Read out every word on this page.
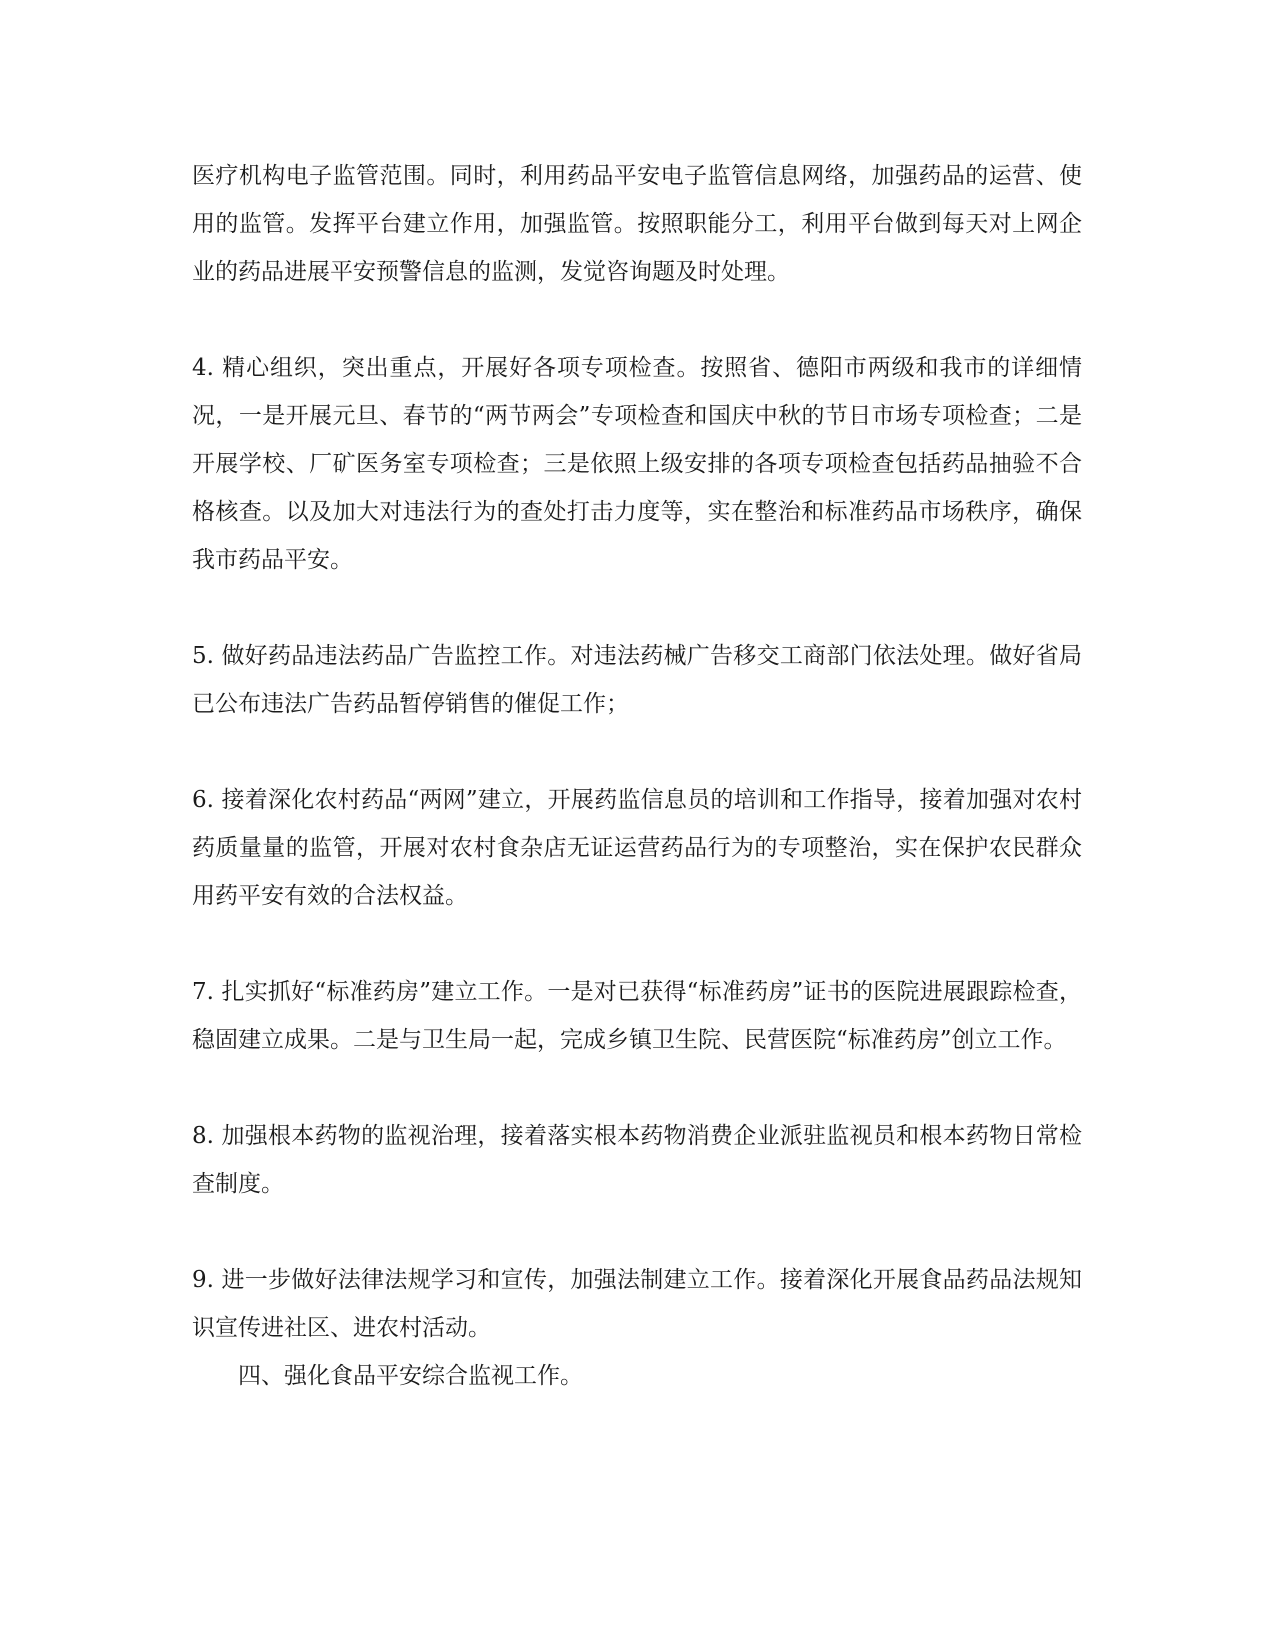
医疗机构电子监管范围。同时，利用药品平安电子监管信息网络，加强药品的运营、使用的监管。发挥平台建立作用，加强监管。按照职能分工，利用平台做到每天对上网企业的药品进展平安预警信息的监测，发觉咨询题及时处理。

4. 精心组织，突出重点，开展好各项专项检查。按照省、德阳市两级和我市的详细情况，一是开展元旦、春节的“两节两会”专项检查和国庆中秋的节日市场专项检查；二是开展学校、厂矿医务室专项检查；三是依照上级安排的各项专项检查包括药品抽验不合格核查。以及加大对违法行为的查处打击力度等，实在整治和标准药品市场秩序，确保我市药品平安。

5. 做好药品违法药品广告监控工作。对违法药械广告移交工商部门依法处理。做好省局已公布违法广告药品暂停销售的催促工作；

6. 接着深化农村药品“两网”建立，开展药监信息员的培训和工作指导，接着加强对农村药质量量的监管，开展对农村食杂店无证运营药品行为的专项整治，实在保护农民群众用药平安有效的合法权益。

7. 扎实抓好“标准药房”建立工作。一是对已获得“标准药房”证书的医院进展跟踪检查，稳固建立成果。二是与卫生局一起，完成乡镇卫生院、民营医院“标准药房”创立工作。

8. 加强根本药物的监视治理，接着落实根本药物消费企业派驻监视员和根本药物日常检查制度。

9. 进一步做好法律法规学习和宣传，加强法制建立工作。接着深化开展食品药品法规知识宣传进社区、进农村活动。

四、强化食品平安综合监视工作。
